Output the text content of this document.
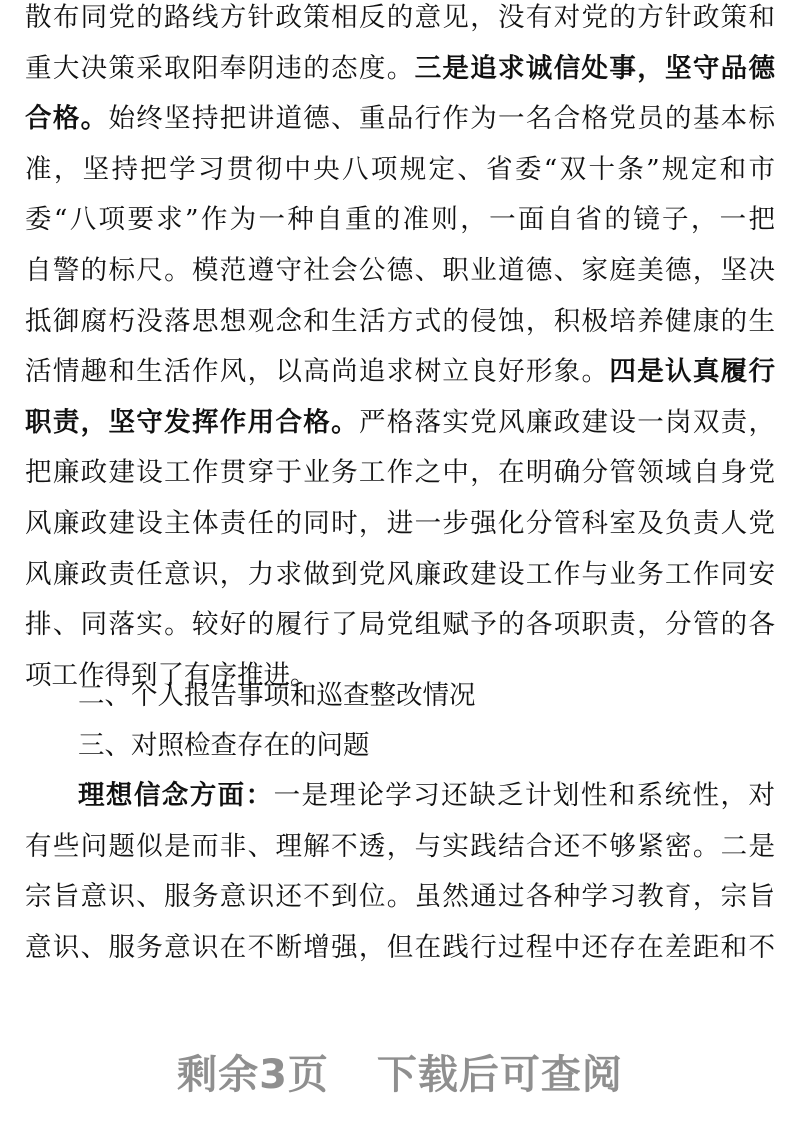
散布同党的路线方针政策相反的意见，没有对党的方针政策和
重大决策采取阳奉阴违的态度。三是追求诚信处事，坚守品德
合格。始终坚持把讲道德、重品行作为一名合格党员的基本标
准，坚持把学习贯彻中央八项规定、省委“双十条”规定和市
委“八项要求”作为一种自重的准则，一面自省的镜子，一把
自警的标尺。模范遵守社会公德、职业道德、家庭美德，坚决
抵御腐朽没落思想观念和生活方式的侵蚀，积极培养健康的生
活情趣和生活作风，以高尚追求树立良好形象。四是认真履行
职责，坚守发挥作用合格。严格落实党风廉政建设一岗双责，
把廉政建设工作贯穿于业务工作之中，在明确分管领域自身党
风廉政建设主体责任的同时，进一步强化分管科室及负责人党
风廉政责任意识，力求做到党风廉政建设工作与业务工作同安
排、同落实。较好的履行了局党组赋予的各项职责，分管的各
项工作得到了有序推进。
二、个人报告事项和巡查整改情况
三、对照检查存在的问题
理想信念方面：一是理论学习还缺乏计划性和系统性，对
有些问题似是而非、理解不透，与实践结合还不够紧密。二是
宗旨意识、服务意识还不到位。虽然通过各种学习教育，宗旨
意识、服务意识在不断增强，但在践行过程中还存在差距和不
剩余3页 下载后可查阅
